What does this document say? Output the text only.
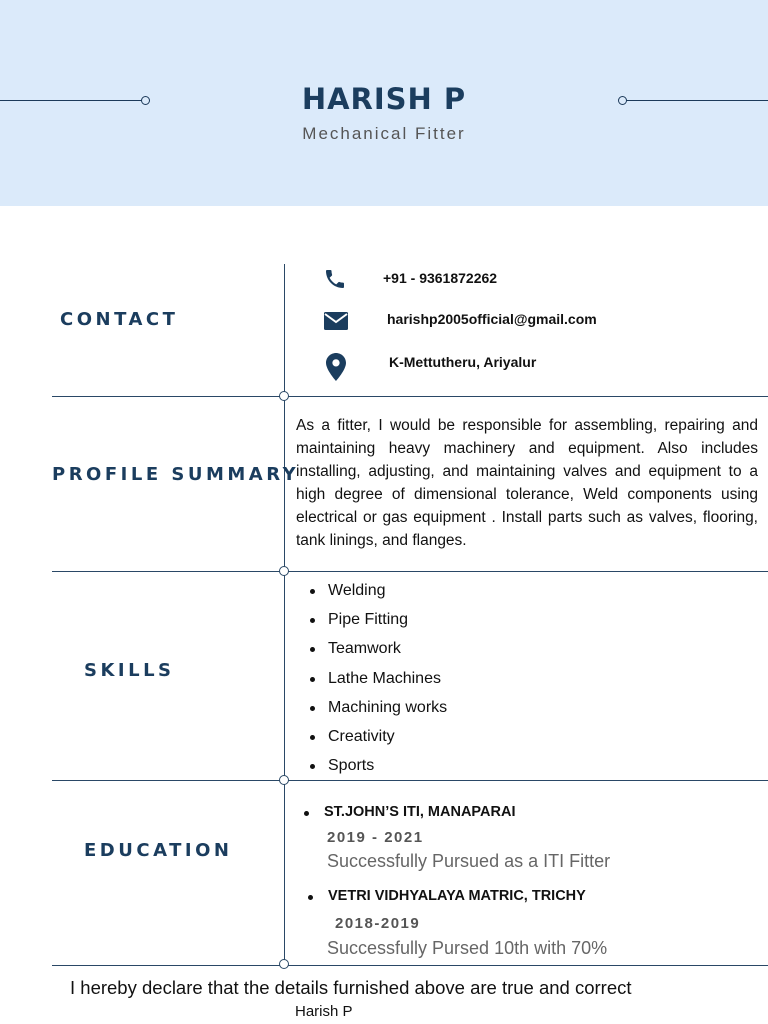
HARISH P
Mechanical Fitter
CONTACT
+91 - 9361872262
harishp2005official@gmail.com
K-Mettutheru, Ariyalur
PROFILE SUMMARY
As a fitter, I would be responsible for assembling, repairing and maintaining heavy machinery and equipment. Also includes installing, adjusting, and maintaining valves and equipment to a high degree of dimensional tolerance, Weld components using electrical or gas equipment . Install parts such as valves, flooring, tank linings, and flanges.
SKILLS
Welding
Pipe Fitting
Teamwork
Lathe Machines
Machining works
Creativity
Sports
EDUCATION
ST.JOHN’S ITI, MANAPARAI
2019 - 2021
Successfully Pursued as a ITI Fitter
VETRI VIDHYALAYA MATRIC, TRICHY
2018-2019
Successfully Pursed 10th with 70%
I hereby declare that the details furnished above are true and correct
Harish P
